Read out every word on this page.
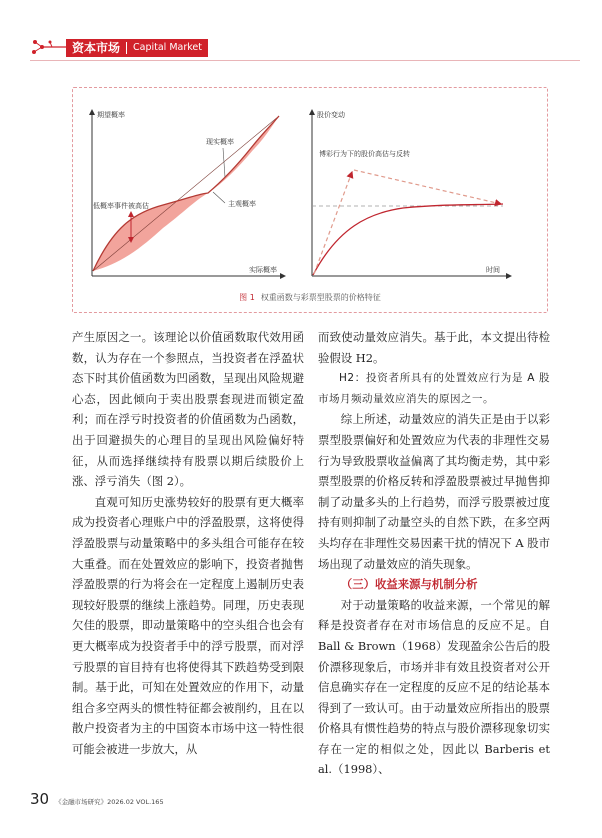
资本市场 Capital Market
期望概率
实际概率
现实概率
主观概率
低概率事件被高估
股价变动
时间
博彩行为下的股价高估与反转
图 1 权重函数与彩票型股票的价格特征

产生原因之一。该理论以价值函数取代效用函数，认为存在一个参照点，当投资者在浮盈状态下时其价值函数为凹函数，呈现出风险规避心态，因此倾向于卖出股票套现进而锁定盈利；而在浮亏时投资者的价值函数为凸函数，出于回避损失的心理目的呈现出风险偏好特征，从而选择继续持有股票以期后续股价上涨、浮亏消失（图 2）。

直观可知历史涨势较好的股票有更大概率成为投资者心理账户中的浮盈股票，这将使得浮盈股票与动量策略中的多头组合可能存在较大重叠。而在处置效应的影响下，投资者抛售浮盈股票的行为将会在一定程度上遏制历史表现较好股票的继续上涨趋势。同理，历史表现欠佳的股票，即动量策略中的空头组合也会有更大概率成为投资者手中的浮亏股票，而对浮亏股票的盲目持有也将使得其下跌趋势受到限制。基于此，可知在处置效应的作用下，动量组合多空两头的惯性特征都会被削约，且在以散户投资者为主的中国资本市场中这一特性很可能会被进一步放大，从

而致使动量效应消失。基于此，本文提出待检验假设 H2。

H2：投资者所具有的处置效应行为是 A 股市场月频动量效应消失的原因之一。

综上所述，动量效应的消失正是由于以彩票型股票偏好和处置效应为代表的非理性交易行为导致股票收益偏离了其均衡走势，其中彩票型股票的价格反转和浮盈股票被过早抛售抑制了动量多头的上行趋势，而浮亏股票被过度持有则抑制了动量空头的自然下跌，在多空两头均存在非理性交易因素干扰的情况下 A 股市场出现了动量效应的消失现象。

（三）收益来源与机制分析

对于动量策略的收益来源，一个常见的解释是投资者存在对市场信息的反应不足。自 Ball & Brown（1968）发现盈余公告后的股价漂移现象后，市场并非有效且投资者对公开信息确实存在一定程度的反应不足的结论基本得到了一致认可。由于动量效应所指出的股票价格具有惯性趋势的特点与股价漂移现象切实存在一定的相似之处，因此以 Barberis et al.（1998）、

30 《金融市场研究》2026.02 VOL.165
